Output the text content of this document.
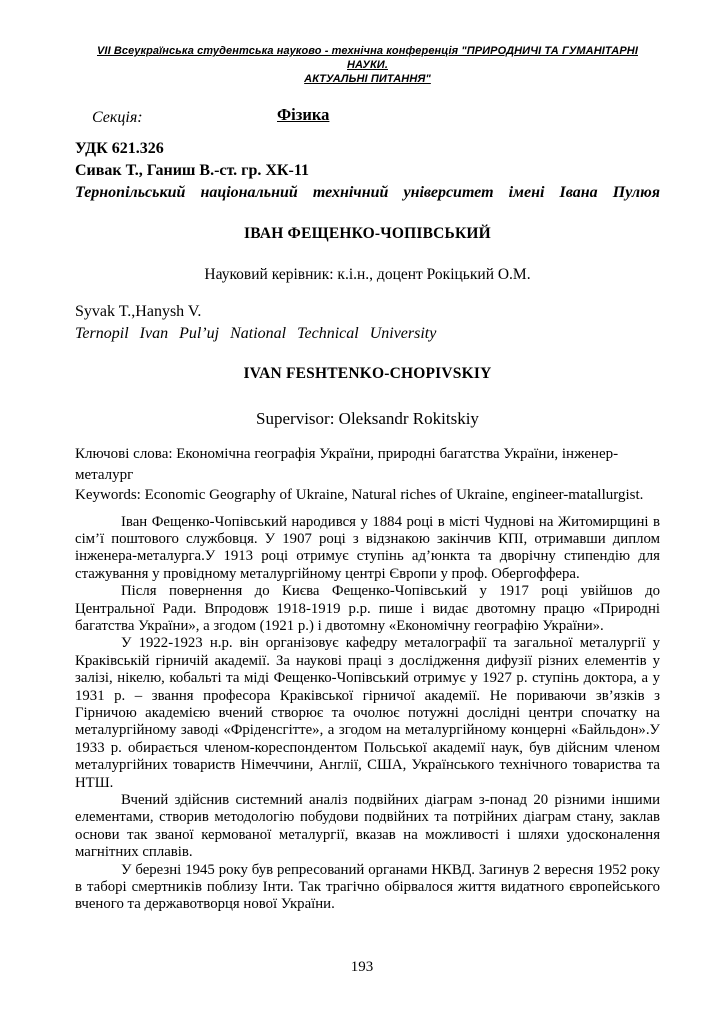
VII Всеукраїнська студентська науково - технічна конференція "ПРИРОДНИЧІ ТА ГУМАНІТАРНІ НАУКИ.
АКТУАЛЬНІ ПИТАННЯ"
Секція:	Фізика
УДК 621.326
Сивак Т., Ганиш В.-ст. гр. ХК-11
Тернопільський національний технічний університет імені Івана Пулюя
ІВАН ФЕЩЕНКО-ЧОПІВСЬКИЙ
Науковий керівник: к.і.н., доцент Рокіцький О.М.
Syvak T.,Hanysh V.
Ternopil Ivan Pul’uj National Technical University
IVAN FESHTENKO-CHOPIVSKIY
Supervisor: Oleksandr Rokitskiy
Ключові слова: Економічна географія України, природні багатства України, інженер-металург
Keywords: Economic Geography of Ukraine, Natural riches of Ukraine, engineer-matallurgist.

Іван Фещенко-Чопівський народився у 1884 році в місті Чуднові на Житомирщині в сім’ї поштового службовця. У 1907 році з відзнакою закінчив КПІ, отримавши диплом інженера-металурга.У 1913 році отримує ступінь ад’юнкта та дворічну стипендію для стажування у провідному металургійному центрі Європи у проф. Обергоффера.

Після повернення до Києва Фещенко-Чопівський у 1917 році увійшов до Центральної Ради. Впродовж 1918-1919 р.р. пише і видає двотомну працю «Природні багатства України», а згодом (1921 р.) і двотомну «Економічну географію України».

У 1922-1923 н.р. він організовує кафедру металографії та загальної металургії у Краківській гірничій академії. За наукові праці з дослідження дифузії різних елементів у залізі, нікелю, кобальті та міді Фещенко-Чопівський отримує у 1927 р. ступінь доктора, а у 1931 р. – звання професора Краківської гірничої академії. Не пориваючи зв’язків з Гірничою академією вчений створює та очолює потужні дослідні центри спочатку на металургійному заводі «Фріденсгітте», а згодом на металургійному концерні «Байльдон».У 1933 р. обирається членом-кореспондентом Польської академії наук, був дійсним членом металургійних товариств Німеччини, Англії, США, Українського технічного товариства та НТШ.

Вчений здійснив системний аналіз подвійних діаграм з-понад 20 різними іншими елементами, створив методологію побудови подвійних та потрійних діаграм стану, заклав основи так званої кермованої металургії, вказав на можливості і шляхи удосконалення магнітних сплавів.

У березні 1945 року був репресований органами НКВД. Загинув 2 вересня 1952 року в таборі смертників поблизу Інти. Так трагічно обірвалося життя видатного європейського вченого та державотворця нової України.

193
